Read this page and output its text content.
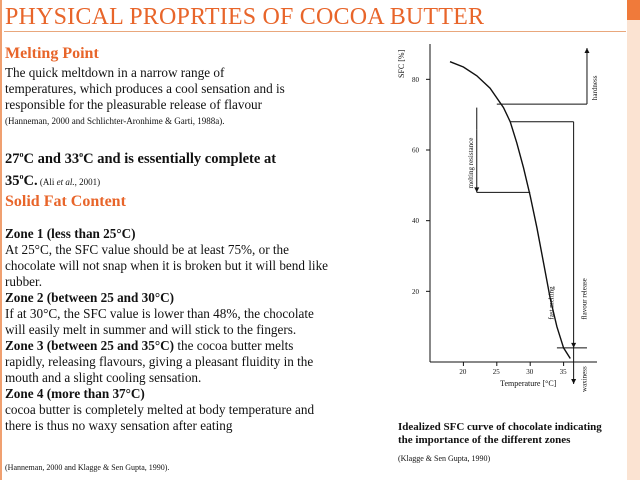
PHYSICAL PROPRTIES OF COCOA BUTTER
Melting Point
The quick meltdown in a narrow range of
temperatures, which produces a cool sensation and is
responsible for the pleasurable release of flavour
(Hanneman, 2000 and Schlichter-Aronhime & Garti, 1988a).
27$^o$C and 33$^o$C and is essentially complete at
35$^o$C. (Ali et al., 2001)
Solid Fat Content
Zone 1 (less than 25°C)
At 25°C, the SFC value should be at least 75%, or the
chocolate will not snap when it is broken but it will bend like
rubber.
Zone 2 (between 25 and 30°C)
If at 30°C, the SFC value is lower than 48%, the chocolate
will easily melt in summer and will stick to the fingers.
Zone 3 (between 25 and 35°C) the cocoa butter melts
rapidly, releasing flavours, giving a pleasant fluidity in the
mouth and a slight cooling sensation.
Zone 4 (more than 37°C)
cocoa butter is completely melted at body temperature and
there is thus no waxy sensation after eating
(Hanneman, 2000 and Klagge & Sen Gupta, 1990).
20
40
60
80
20	25	30	35
Temperature [°C]
SFC [%]
hardness
melting resistance
fast melting	flavour release
waxiness
Idealized SFC curve of chocolate indicating
the importance of the different zones
(Klagge & Sen Gupta, 1990)
